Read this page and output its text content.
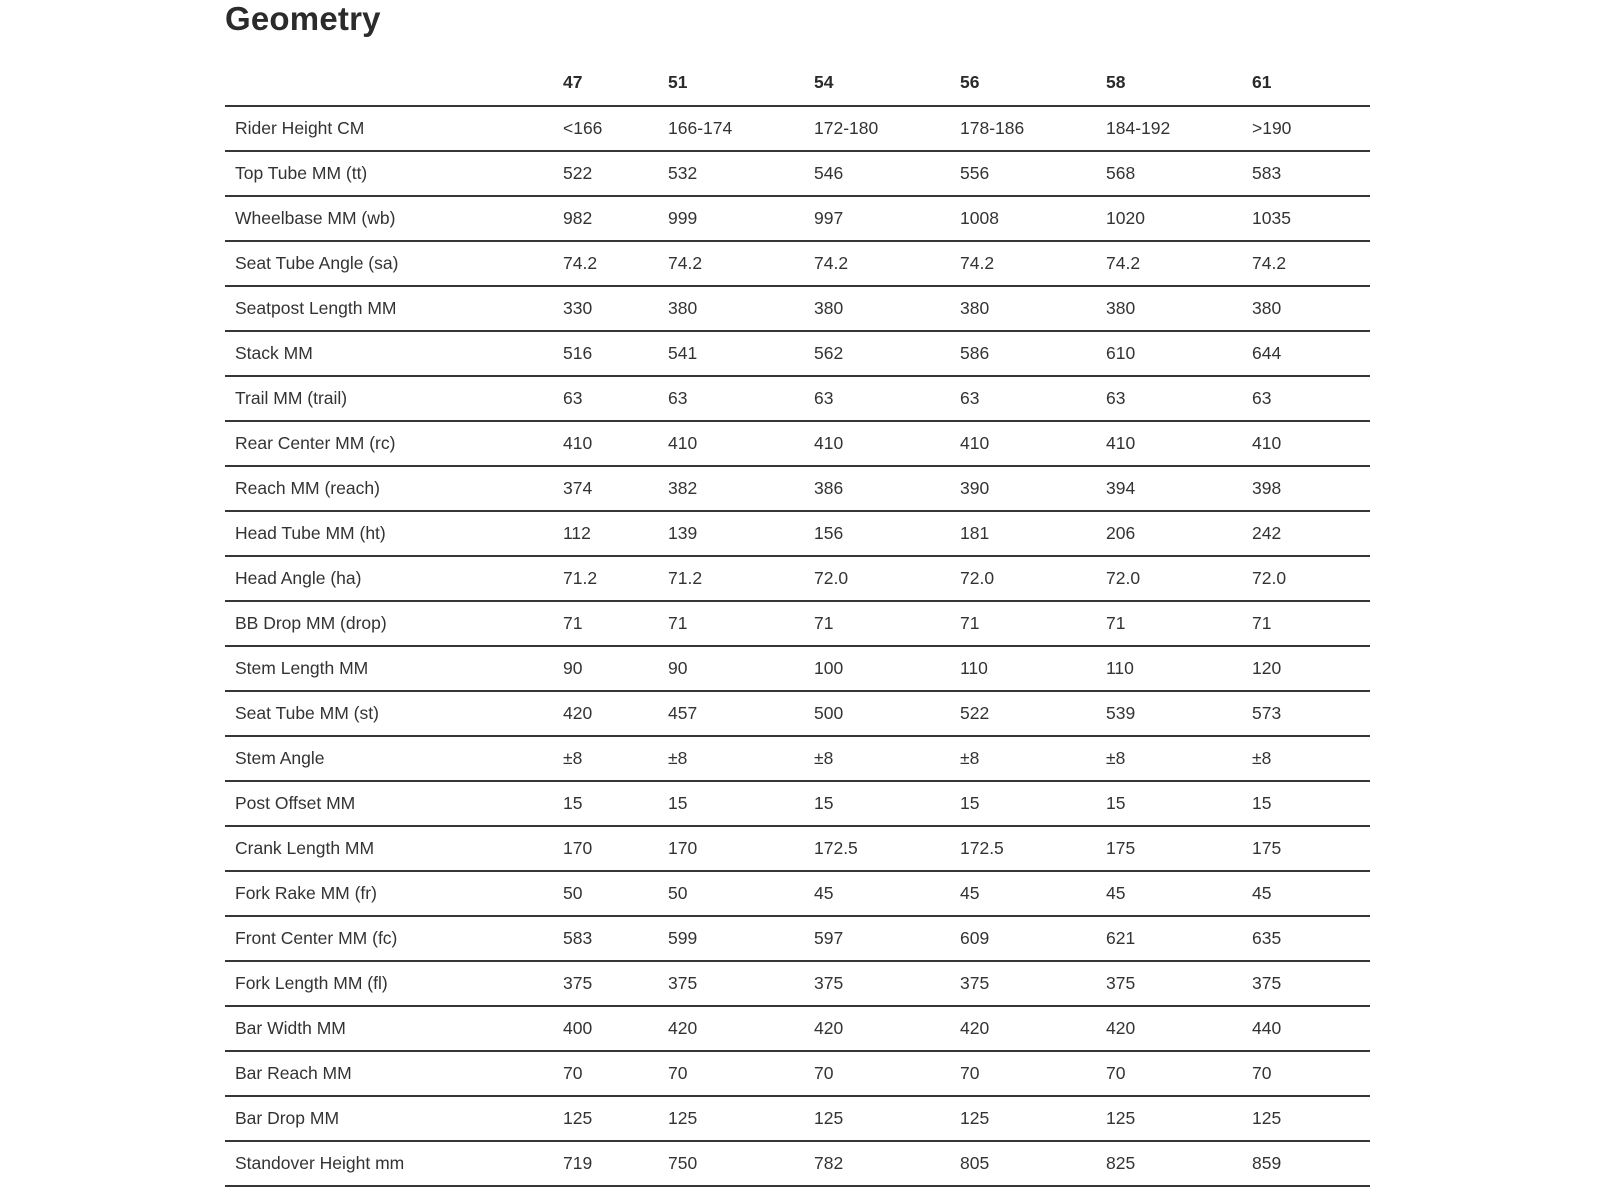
Geometry
	47	51	54	56	58	61
Rider Height CM	<166	166-174	172-180	178-186	184-192	>190
Top Tube MM (tt)	522	532	546	556	568	583
Wheelbase MM (wb)	982	999	997	1008	1020	1035
Seat Tube Angle (sa)	74.2	74.2	74.2	74.2	74.2	74.2
Seatpost Length MM	330	380	380	380	380	380
Stack MM	516	541	562	586	610	644
Trail MM (trail)	63	63	63	63	63	63
Rear Center MM (rc)	410	410	410	410	410	410
Reach MM (reach)	374	382	386	390	394	398
Head Tube MM (ht)	112	139	156	181	206	242
Head Angle (ha)	71.2	71.2	72.0	72.0	72.0	72.0
BB Drop MM (drop)	71	71	71	71	71	71
Stem Length MM	90	90	100	110	110	120
Seat Tube MM (st)	420	457	500	522	539	573
Stem Angle	±8	±8	±8	±8	±8	±8
Post Offset MM	15	15	15	15	15	15
Crank Length MM	170	170	172.5	172.5	175	175
Fork Rake MM (fr)	50	50	45	45	45	45
Front Center MM (fc)	583	599	597	609	621	635
Fork Length MM (fl)	375	375	375	375	375	375
Bar Width MM	400	420	420	420	420	440
Bar Reach MM	70	70	70	70	70	70
Bar Drop MM	125	125	125	125	125	125
Standover Height mm	719	750	782	805	825	859
